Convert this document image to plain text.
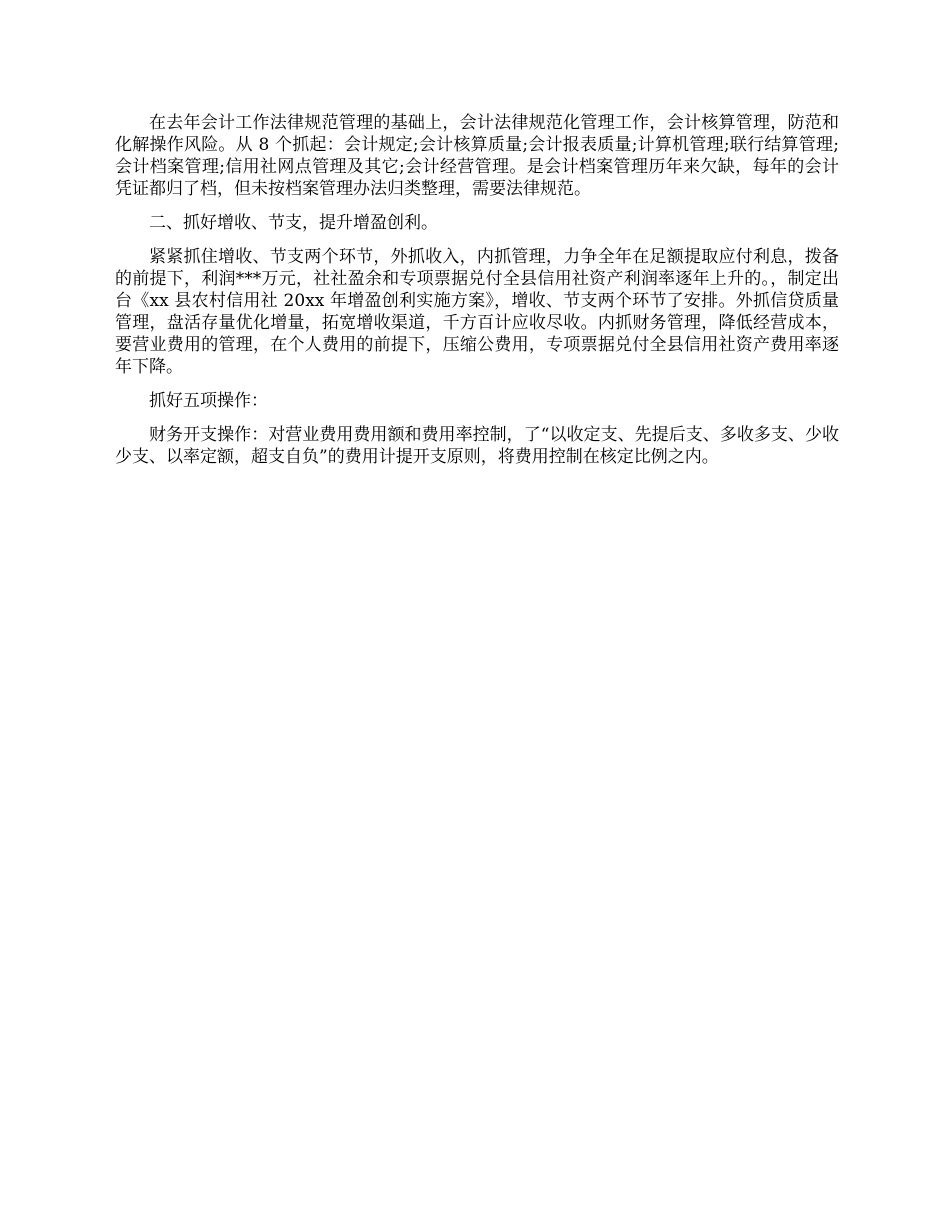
在去年会计工作法律规范管理的基础上，会计法律规范化管理工作，会计核算管理，防范和化解操作风险。从 8 个抓起：会计规定;会计核算质量;会计报表质量;计算机管理;联行结算管理;会计档案管理;信用社网点管理及其它;会计经营管理。是会计档案管理历年来欠缺，每年的会计凭证都归了档，但未按档案管理办法归类整理，需要法律规范。

二、抓好增收、节支，提升增盈创利。

紧紧抓住增收、节支两个环节，外抓收入，内抓管理，力争全年在足额提取应付利息，拨备的前提下，利润***万元，社社盈余和专项票据兑付全县信用社资产利润率逐年上升的。，制定出台《xx 县农村信用社 20xx 年增盈创利实施方案》，增收、节支两个环节了安排。外抓信贷质量管理，盘活存量优化增量，拓宽增收渠道，千方百计应收尽收。内抓财务管理，降低经营成本，要营业费用的管理，在个人费用的前提下，压缩公费用，专项票据兑付全县信用社资产费用率逐年下降。

抓好五项操作：

财务开支操作：对营业费用费用额和费用率控制，了“以收定支、先提后支、多收多支、少收少支、以率定额，超支自负”的费用计提开支原则，将费用控制在核定比例之内。
